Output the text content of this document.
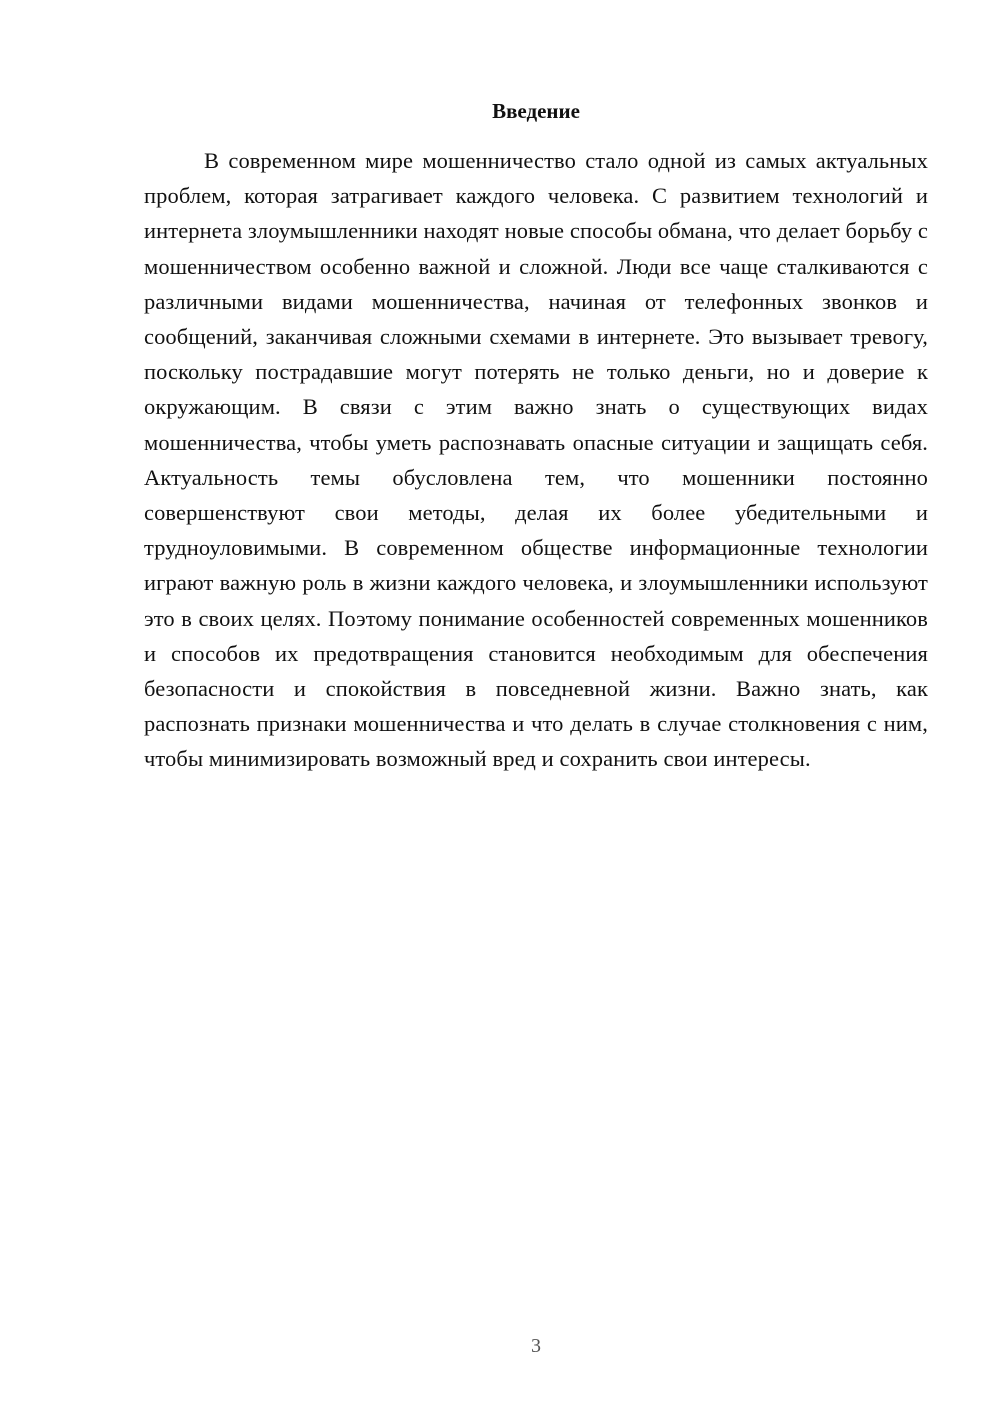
Введение

В современном мире мошенничество стало одной из самых актуальных проблем, которая затрагивает каждого человека. С развитием технологий и интернета злоумышленники находят новые способы обмана, что делает борьбу с мошенничеством особенно важной и сложной. Люди все чаще сталкиваются с различными видами мошенничества, начиная от телефонных звонков и сообщений, заканчивая сложными схемами в интернете. Это вызывает тревогу, поскольку пострадавшие могут потерять не только деньги, но и доверие к окружающим. В связи с этим важно знать о существующих видах мошенничества, чтобы уметь распознавать опасные ситуации и защищать себя. Актуальность темы обусловлена тем, что мошенники постоянно совершенствуют свои методы, делая их более убедительными и трудноуловимыми. В современном обществе информационные технологии играют важную роль в жизни каждого человека, и злоумышленники используют это в своих целях. Поэтому понимание особенностей современных мошенников и способов их предотвращения становится необходимым для обеспечения безопасности и спокойствия в повседневной жизни. Важно знать, как распознать признаки мошенничества и что делать в случае столкновения с ним, чтобы минимизировать возможный вред и сохранить свои интересы.

3
